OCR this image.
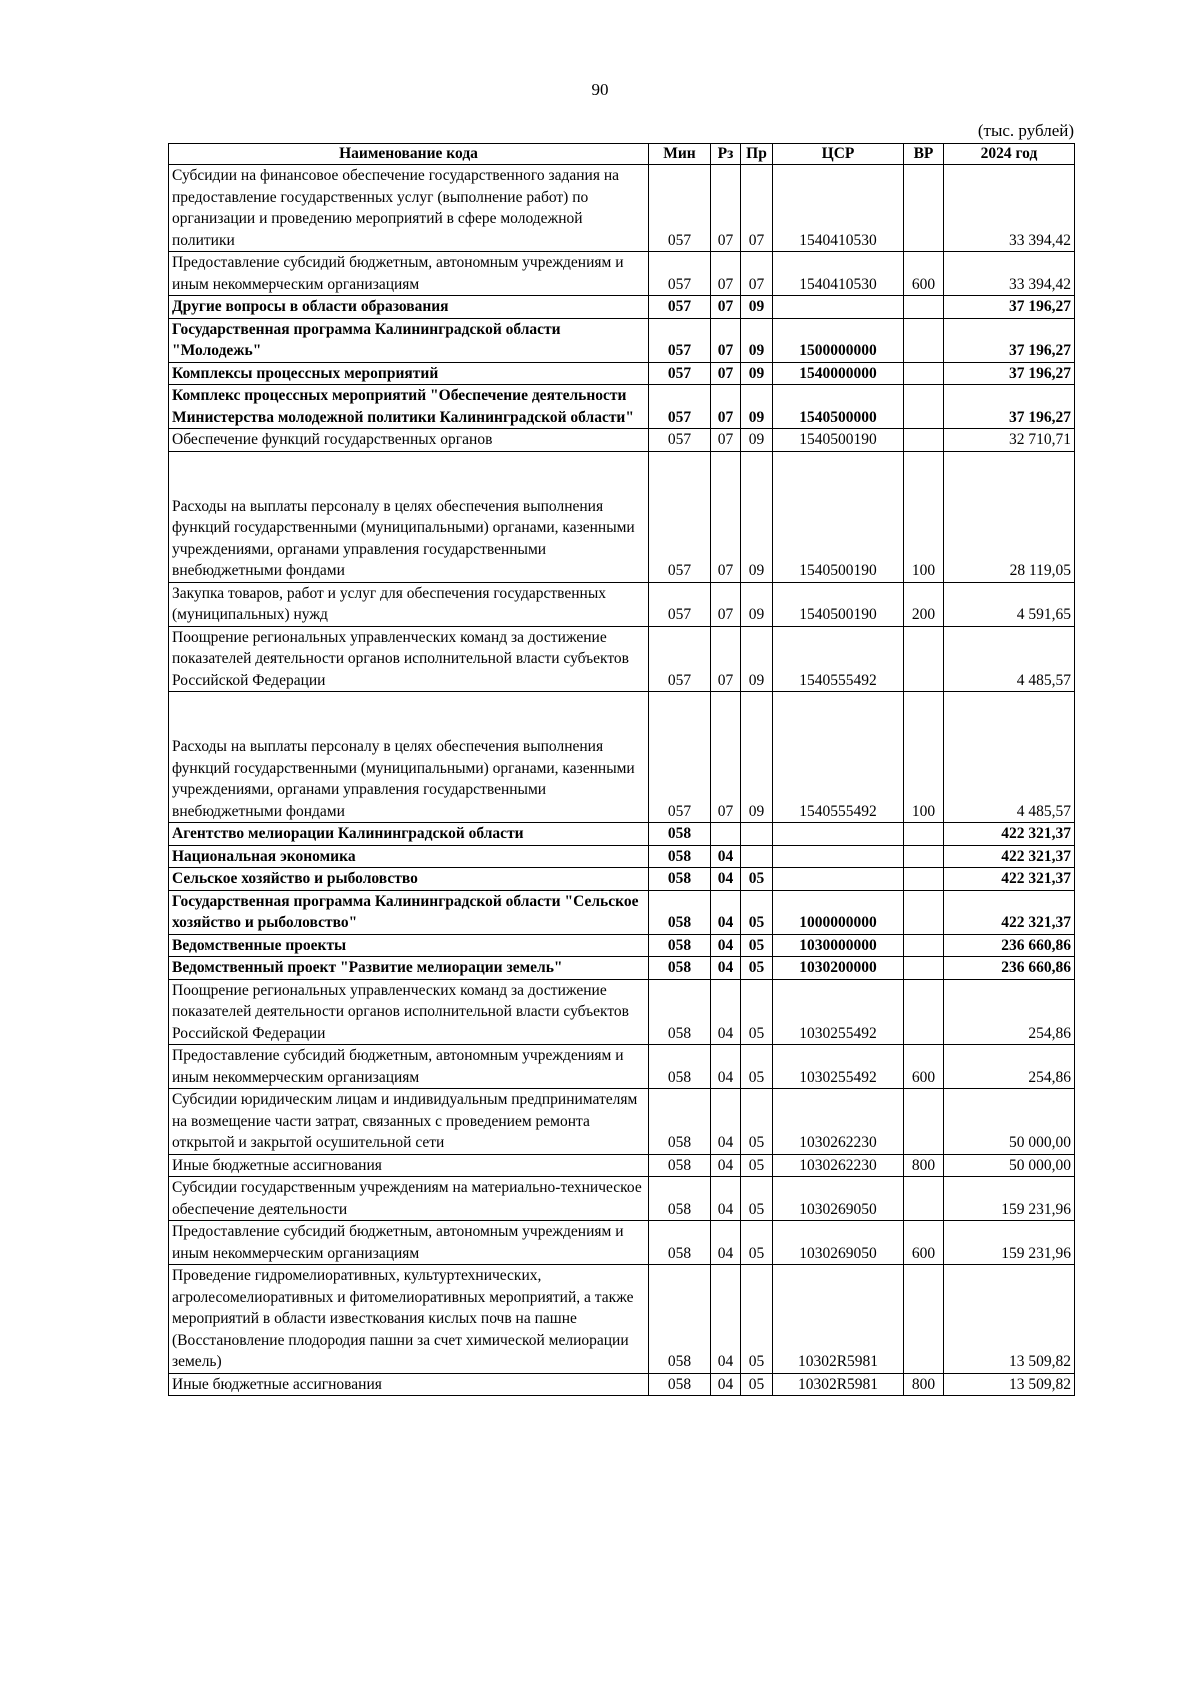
90
(тыс. рублей)
Наименование кода	Мин	Рз	Пр	ЦСР	ВР	2024 год
Субсидии на финансовое обеспечение государственного задания на предоставление государственных услуг (выполнение работ) по организации и проведению мероприятий в сфере молодежной политики	057	07	07	1540410530		33 394,42
Предоставление субсидий бюджетным, автономным учреждениям и иным некоммерческим организациям	057	07	07	1540410530	600	33 394,42
Другие вопросы в области образования	057	07	09			37 196,27
Государственная программа Калининградской области "Молодежь"	057	07	09	1500000000		37 196,27
Комплексы процессных мероприятий	057	07	09	1540000000		37 196,27
Комплекс процессных мероприятий "Обеспечение деятельности Министерства молодежной политики Калининградской области"	057	07	09	1540500000		37 196,27
Обеспечение функций государственных органов	057	07	09	1540500190		32 710,71
Расходы на выплаты персоналу в целях обеспечения выполнения функций государственными (муниципальными) органами, казенными учреждениями, органами управления государственными внебюджетными фондами	057	07	09	1540500190	100	28 119,05
Закупка товаров, работ и услуг для обеспечения государственных (муниципальных) нужд	057	07	09	1540500190	200	4 591,65
Поощрение региональных управленческих команд за достижение показателей деятельности органов исполнительной власти субъектов Российской Федерации	057	07	09	1540555492		4 485,57
Расходы на выплаты персоналу в целях обеспечения выполнения функций государственными (муниципальными) органами, казенными учреждениями, органами управления государственными внебюджетными фондами	057	07	09	1540555492	100	4 485,57
Агентство мелиорации Калининградской области	058					422 321,37
Национальная экономика	058	04				422 321,37
Сельское хозяйство и рыболовство	058	04	05			422 321,37
Государственная программа Калининградской области "Сельское хозяйство и рыболовство"	058	04	05	1000000000		422 321,37
Ведомственные проекты	058	04	05	1030000000		236 660,86
Ведомственный проект "Развитие мелиорации земель"	058	04	05	1030200000		236 660,86
Поощрение региональных управленческих команд за достижение показателей деятельности органов исполнительной власти субъектов Российской Федерации	058	04	05	1030255492		254,86
Предоставление субсидий бюджетным, автономным учреждениям и иным некоммерческим организациям	058	04	05	1030255492	600	254,86
Субсидии юридическим лицам и индивидуальным предпринимателям на возмещение части затрат, связанных с проведением ремонта открытой и закрытой осушительной сети	058	04	05	1030262230		50 000,00
Иные бюджетные ассигнования	058	04	05	1030262230	800	50 000,00
Субсидии государственным учреждениям на материально-техническое обеспечение деятельности	058	04	05	1030269050		159 231,96
Предоставление субсидий бюджетным, автономным учреждениям и иным некоммерческим организациям	058	04	05	1030269050	600	159 231,96
Проведение гидромелиоративных, культуртехнических, агролесомелиоративных и фитомелиоративных мероприятий, а также мероприятий в области известкования кислых почв на пашне (Восстановление плодородия пашни за счет химической мелиорации земель)	058	04	05	10302R5981		13 509,82
Иные бюджетные ассигнования	058	04	05	10302R5981	800	13 509,82
